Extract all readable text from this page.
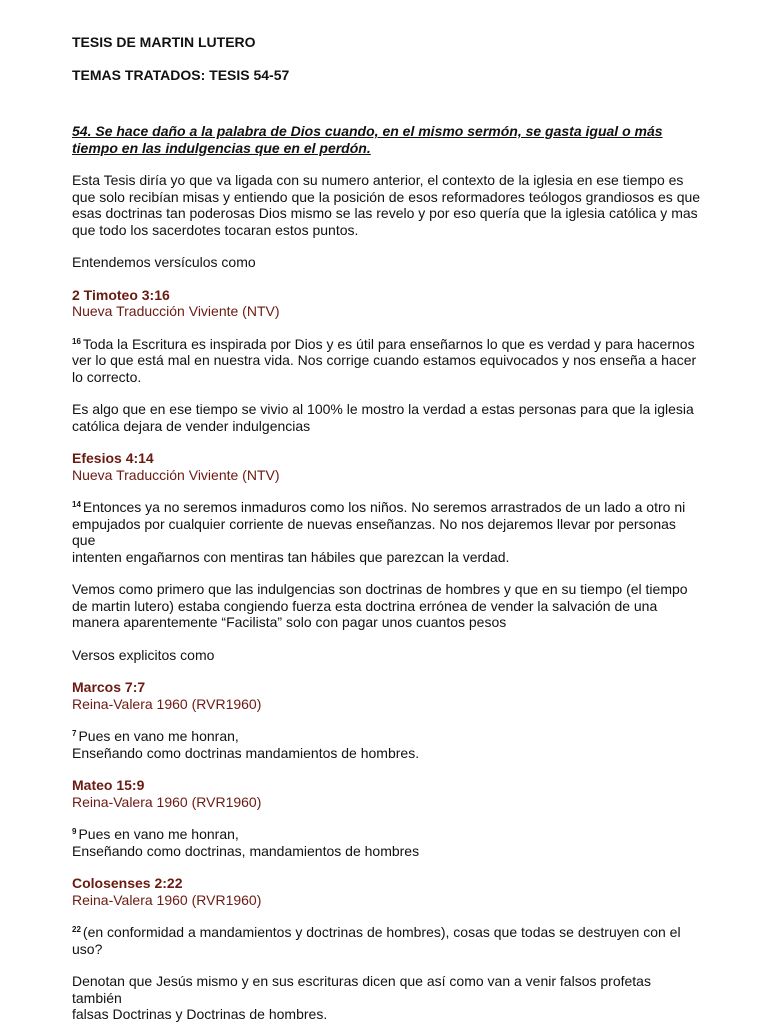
TESIS DE MARTIN LUTERO

TEMAS TRATADOS: TESIS 54-57

54. Se hace daño a la palabra de Dios cuando, en el mismo sermón, se gasta igual o más
tiempo en las indulgencias que en el perdón.

Esta Tesis diría yo que va ligada con su numero anterior, el contexto de la iglesia en ese tiempo es
que solo recibían misas y entiendo que la posición de esos reformadores teólogos grandiosos es que
esas doctrinas tan poderosas Dios mismo se las revelo y por eso quería que la iglesia católica y mas
que todo los sacerdotes tocaran estos puntos.

Entendemos versículos como

2 Timoteo 3:16

Nueva Traducción Viviente (NTV)

$^{16}$ Toda la Escritura es inspirada por Dios y es útil para enseñarnos lo que es verdad y para hacernos
ver lo que está mal en nuestra vida. Nos corrige cuando estamos equivocados y nos enseña a hacer
lo correcto.

Es algo que en ese tiempo se vivio al 100% le mostro la verdad a estas personas para que la iglesia
católica dejara de vender indulgencias

Efesios 4:14

Nueva Traducción Viviente (NTV)

$^{14}$ Entonces ya no seremos inmaduros como los niños. No seremos arrastrados de un lado a otro ni
empujados por cualquier corriente de nuevas enseñanzas. No nos dejaremos llevar por personas que
intenten engañarnos con mentiras tan hábiles que parezcan la verdad.

Vemos como primero que las indulgencias son doctrinas de hombres y que en su tiempo (el tiempo
de martin lutero) estaba congiendo fuerza esta doctrina errónea de vender la salvación de una
manera aparentemente “Facilista” solo con pagar unos cuantos pesos

Versos explicitos como

Marcos 7:7

Reina-Valera 1960 (RVR1960)

$^7$ Pues en vano me honran,
Enseñando como doctrinas mandamientos de hombres.

Mateo 15:9

Reina-Valera 1960 (RVR1960)

$^9$ Pues en vano me honran,
Enseñando como doctrinas, mandamientos de hombres

Colosenses 2:22

Reina-Valera 1960 (RVR1960)

$^{22}$ (en conformidad a mandamientos y doctrinas de hombres), cosas que todas se destruyen con el
uso?

Denotan que Jesús mismo y en sus escrituras dicen que así como van a venir falsos profetas también
falsas Doctrinas y Doctrinas de hombres.
